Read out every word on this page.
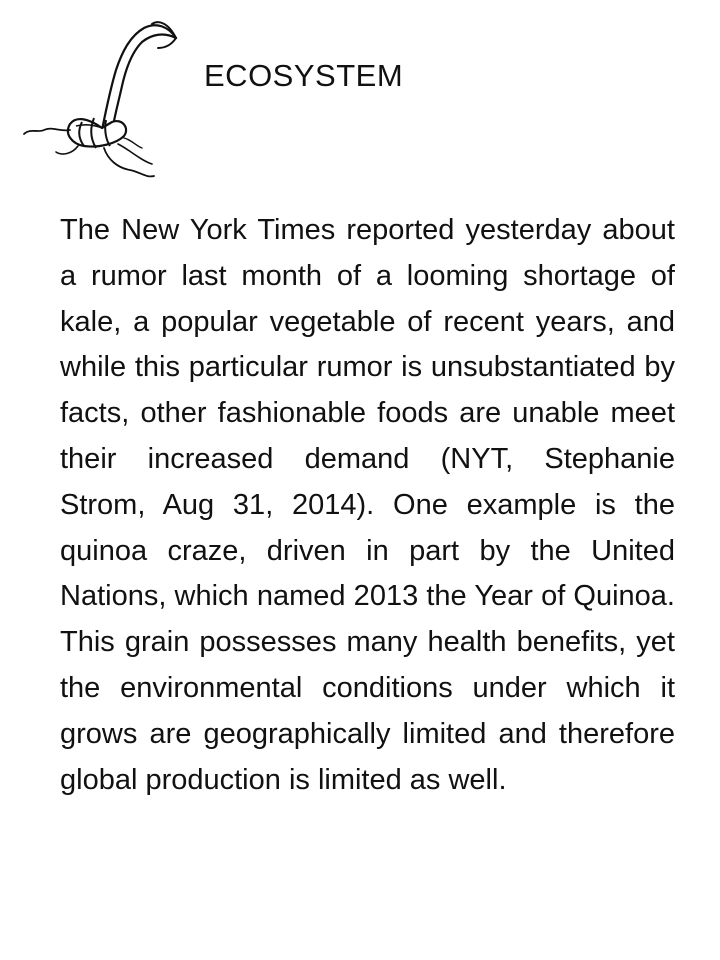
ECOSYSTEM

The New York Times reported yesterday about a rumor last month of a looming shortage of kale, a popular vegetable of recent years, and while this particular rumor is unsubstantiated by facts, other fashionable foods are unable meet their increased demand (NYT, Stephanie Strom, Aug 31, 2014). One example is the quinoa craze, driven in part by the United Nations, which named 2013 the Year of Quinoa. This grain possesses many health benefits, yet the environmental conditions under which it grows are geographically limited and therefore global production is limited as well.
